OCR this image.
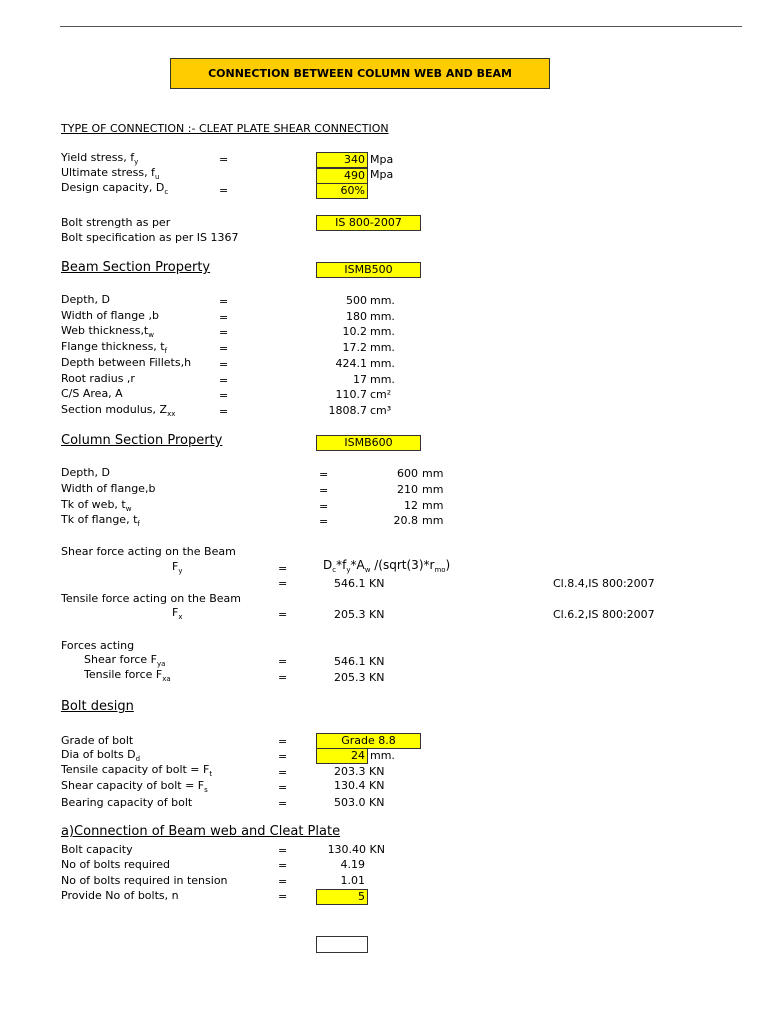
CONNECTION BETWEEN COLUMN WEB AND BEAM
TYPE OF CONNECTION :- CLEAT PLATE SHEAR CONNECTION
Yield stress, $f_y$	=	340 Mpa
Ultimate stress, $f_u$	490 Mpa
Design capacity, $D_c$	=	60%
Bolt strength as per	IS 800-2007
Bolt specification as per IS 1367
Beam Section Property	ISMB500
Depth, D	=	500 mm.
Width of flange ,b	=	180 mm.
Web $thickness,t_w$	=	10.2 mm.
Flange thickness, $t_f$	=	17.2 mm.
Depth between Fillets,h	=	424.1 mm.
Root radius ,r	=	17 mm.
C/S Area, A	=	110.7 cm²
Section modulus, $Z_{xx}$	=	1808.7 cm³
Column Section Property	ISMB600
Depth, D	=	600 mm
Width of flange,b	=	210 mm
Tk of web, $t_w$	=	12 mm
Tk of flange, $t_f$	=	20.8 mm
Shear force acting on the Beam
$F_y$	=	$D_c*f_y*A_w$ $/(sqrt(3)*r_{mo})$
=	546.1 KN	Cl.8.4,IS 800:2007
Tensile force acting on the Beam
$F_x$	=	205.3 KN	Cl.6.2,IS 800:2007
Forces acting
Shear force $F_{ya}$	=	546.1 KN
Tensile force $F_{xa}$	=	205.3 KN
Bolt design
Grade of bolt	=	Grade 8.8
Dia of bolts $D_d$	=	24 mm.
Tensile capacity of bolt = $F_t$	=	203.3 KN
Shear capacity of bolt = $F_s$	=	130.4 KN
Bearing capacity of bolt	=	503.0 KN
a)Connection of Beam web and Cleat Plate
Bolt capacity	=	130.40 KN
No of bolts required	=	4.19
No of bolts required in tension	=	1.01
Provide No of bolts, n	=	5
